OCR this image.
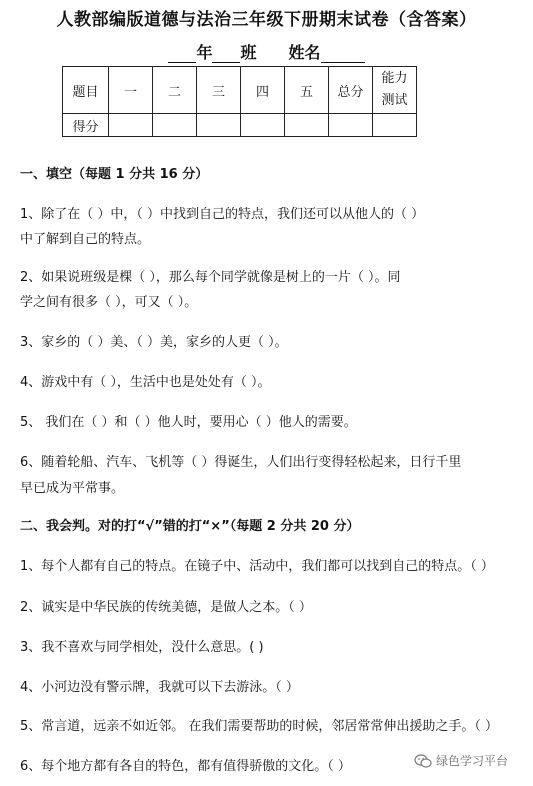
人教部编版道德与法治三年级下册期末试卷（含答案）
年 班 姓名
题目	一	二	三	四	五	总分	能力
测试
得分							
一、填空（每题 1 分共 16 分）
1、除了在（ ）中，（ ）中找到自己的特点，我们还可以从他人的（ ）
中了解到自己的特点。
2、如果说班级是棵（ ），那么每个同学就像是树上的一片（ ）。同
学之间有很多（ ），可又（ ）。
3、家乡的（ ）美、（ ）美，家乡的人更（ ）。
4、游戏中有（ ），生活中也是处处有（ ）。
5、 我们在（ ）和（ ）他人时，要用心（ ）他人的需要。
6、随着轮船、汽车、飞机等（ ）得诞生，人们出行变得轻松起来，日行千里
早已成为平常事。
二、我会判。对的打“√”错的打“×”（每题 2 分共 20 分）
1、每个人都有自己的特点。在镜子中、活动中，我们都可以找到自己的特点。（ ）
2、诚实是中华民族的传统美德，是做人之本。（ ）
3、我不喜欢与同学相处，没什么意思。( )
4、小河边没有警示牌，我就可以下去游泳。（ ）
5、常言道，远亲不如近邻。 在我们需要帮助的时候，邻居常常伸出援助之手。（ ）
6、每个地方都有各自的特色，都有值得骄傲的文化。（ ）	绿色学习平台
